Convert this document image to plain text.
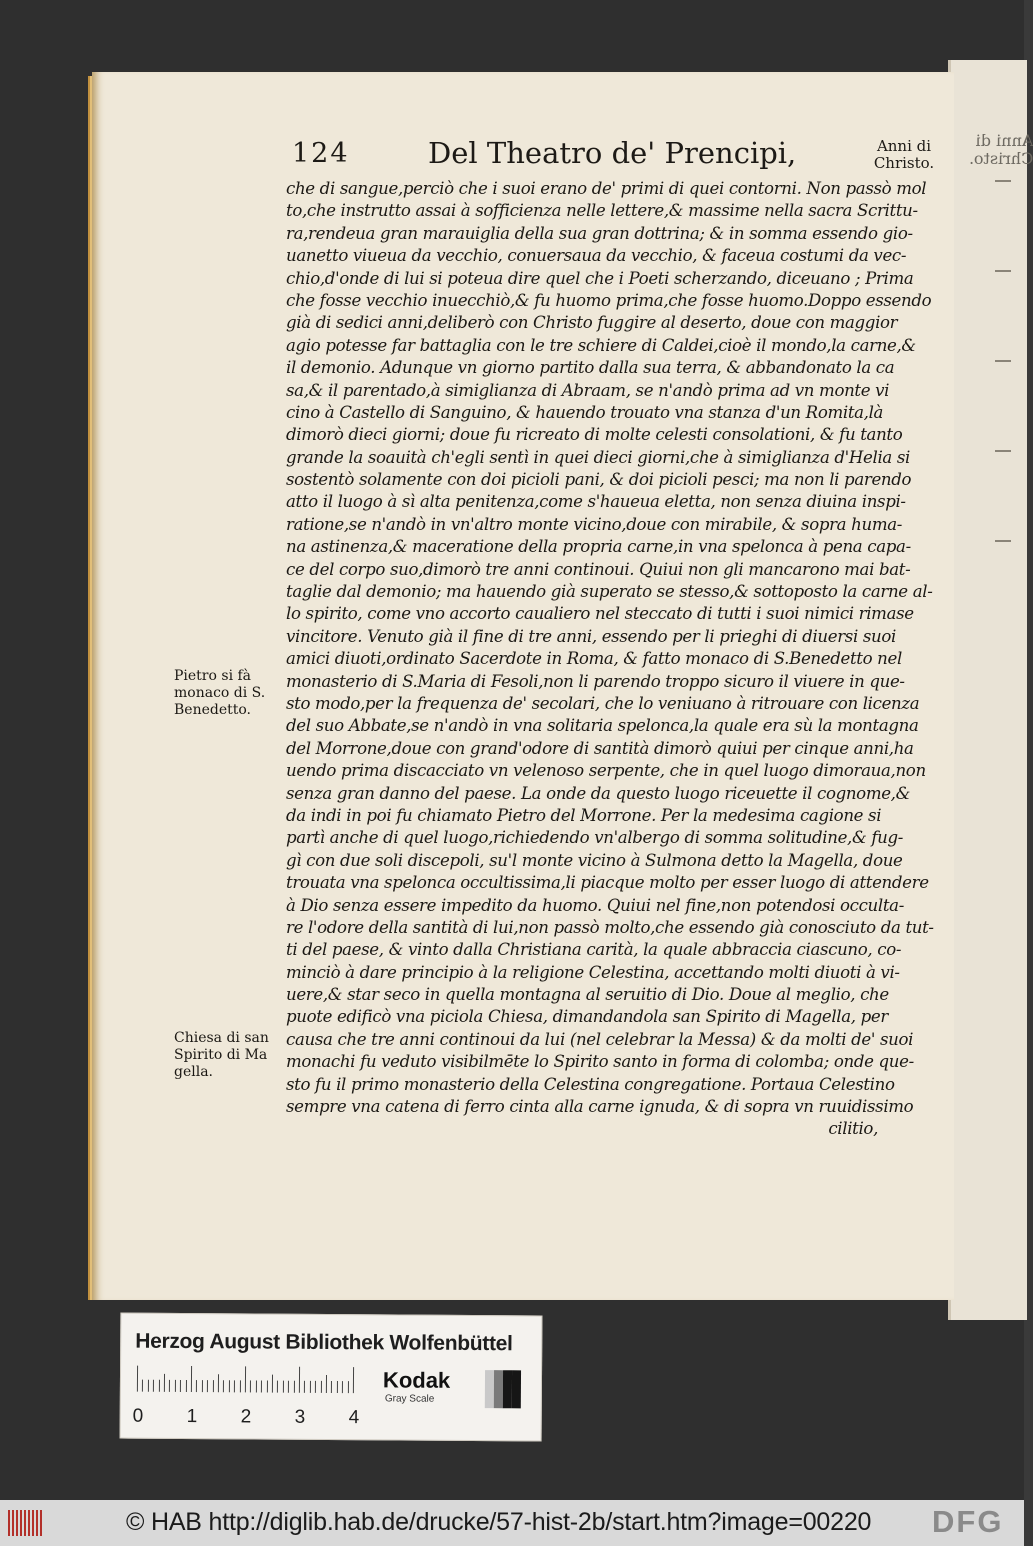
Anni di
Christo.
124	Del Theatro de' Prencipi,	Anni di
Christo.
che di sangue,perciò che i suoi erano de' primi di quei contorni. Non passò mol
to,che instrutto assai à sofficienza nelle lettere,& massime nella sacra Scrittu-
ra,rendeua gran marauiglia della sua gran dottrina; & in somma essendo gio-
uanetto viueua da vecchio, conuersaua da vecchio, & faceua costumi da vec-
chio,d'onde di lui si poteua dire quel che i Poeti scherzando, diceuano ; Prima
che fosse vecchio inuecchiò,& fu huomo prima,che fosse huomo.Doppo essendo
già di sedici anni,deliberò con Christo fuggire al deserto, doue con maggior
agio potesse far battaglia con le tre schiere di Caldei,cioè il mondo,la carne,&
il demonio. Adunque vn giorno partito dalla sua terra, & abbandonato la ca
sa,& il parentado,à simiglianza di Abraam, se n'andò prima ad vn monte vi
cino à Castello di Sanguino, & hauendo trouato vna stanza d'un Romita,là
dimorò dieci giorni; doue fu ricreato di molte celesti consolationi, & fu tanto
grande la soauità ch'egli sentì in quei dieci giorni,che à simiglianza d'Helia si
sostentò solamente con doi picioli pani, & doi picioli pesci; ma non li parendo
atto il luogo à sì alta penitenza,come s'haueua eletta, non senza diuina inspi-
ratione,se n'andò in vn'altro monte vicino,doue con mirabile, & sopra huma-
na astinenza,& maceratione della propria carne,in vna spelonca à pena capa-
ce del corpo suo,dimorò tre anni continoui. Quiui non gli mancarono mai bat-
taglie dal demonio; ma hauendo già superato se stesso,& sottoposto la carne al-
lo spirito, come vno accorto caualiero nel steccato di tutti i suoi nimici rimase
vincitore. Venuto già il fine di tre anni, essendo per li prieghi di diuersi suoi
amici diuoti,ordinato Sacerdote in Roma, & fatto monaco di S.Benedetto nel
monasterio di S.Maria di Fesoli,non li parendo troppo sicuro il viuere in que-
sto modo,per la frequenza de' secolari, che lo veniuano à ritrouare con licenza
del suo Abbate,se n'andò in vna solitaria spelonca,la quale era sù la montagna
del Morrone,doue con grand'odore di santità dimorò quiui per cinque anni,ha
uendo prima discacciato vn velenoso serpente, che in quel luogo dimoraua,non
senza gran danno del paese. La onde da questo luogo riceuette il cognome,&
da indi in poi fu chiamato Pietro del Morrone. Per la medesima cagione si
partì anche di quel luogo,richiedendo vn'albergo di somma solitudine,& fug-
gì con due soli discepoli, su'l monte vicino à Sulmona detto la Magella, doue
trouata vna spelonca occultissima,li piacque molto per esser luogo di attendere
à Dio senza essere impedito da huomo. Quiui nel fine,non potendosi occulta-
re l'odore della santità di lui,non passò molto,che essendo già conosciuto da tut-
ti del paese, & vinto dalla Christiana carità, la quale abbraccia ciascuno, co-
minciò à dare principio à la religione Celestina, accettando molti diuoti à vi-
uere,& star seco in quella montagna al seruitio di Dio. Doue al meglio, che
puote edificò vna piciola Chiesa, dimandandola san Spirito di Magella, per
causa che tre anni continoui da lui (nel celebrar la Messa) & da molti de' suoi
monachi fu veduto visibilmēte lo Spirito santo in forma di colomba; onde que-
sto fu il primo monasterio della Celestina congregatione. Portaua Celestino
sempre vna catena di ferro cinta alla carne ignuda, & di sopra vn ruuidissimo
cilitio,
Pietro si fà
monaco di S.
Benedetto.
Chiesa di san
Spirito di Ma
gella.
Herzog August Bibliothek Wolfenbüttel
0 1 2 3 4
Kodak
Gray Scale
© HAB http://diglib.hab.de/drucke/57-hist-2b/start.htm?image=00220 DFG
